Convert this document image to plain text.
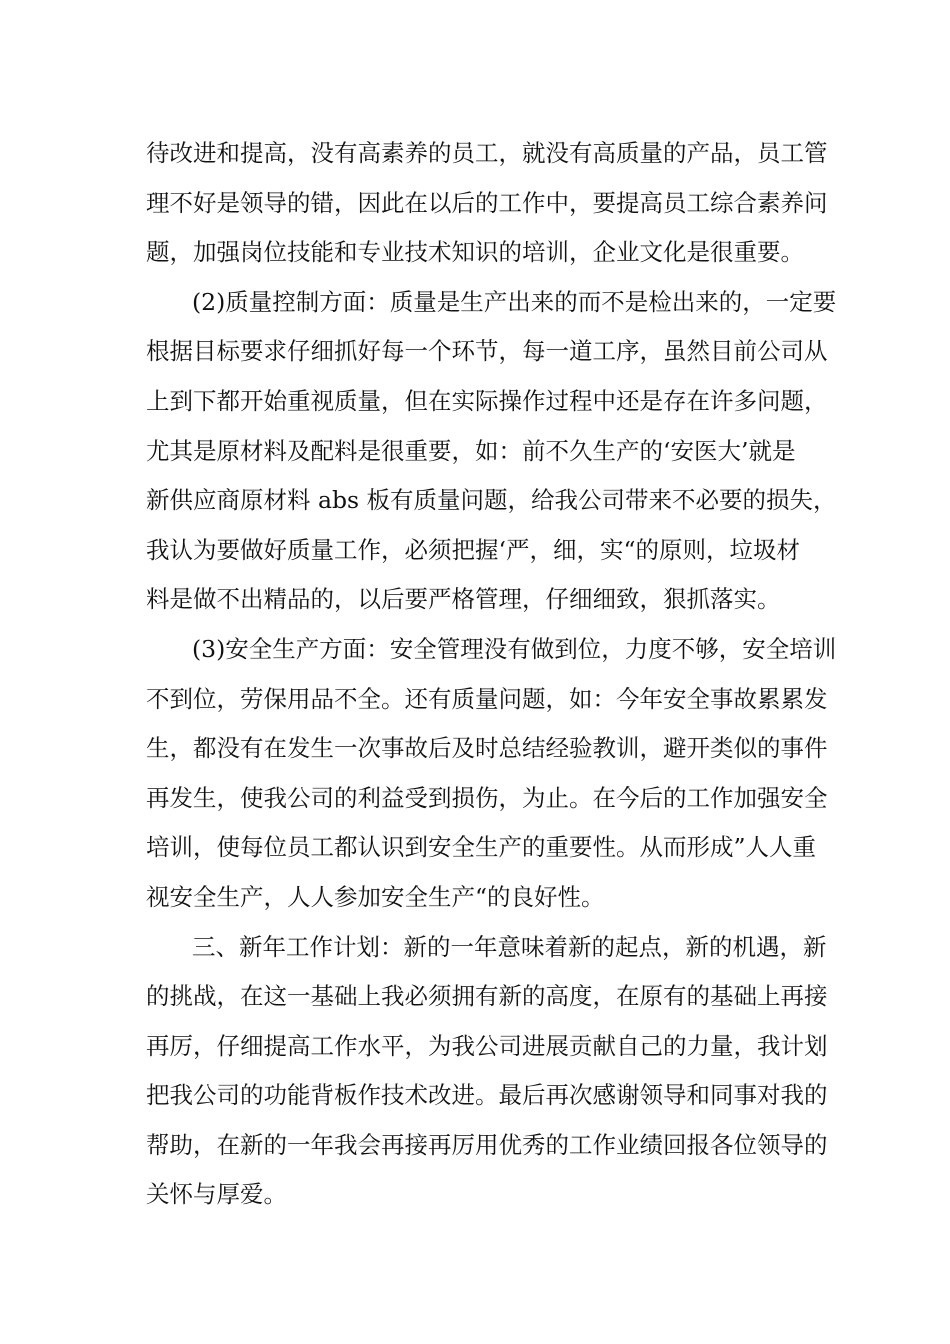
待改进和提高，没有高素养的员工，就没有高质量的产品，员工管
理不好是领导的错，因此在以后的工作中，要提高员工综合素养问
题，加强岗位技能和专业技术知识的培训，企业文化是很重要。
(2)质量控制方面：质量是生产出来的而不是检出来的，一定要
根据目标要求仔细抓好每一个环节，每一道工序，虽然目前公司从
上到下都开始重视质量，但在实际操作过程中还是存在许多问题，
尤其是原材料及配料是很重要，如：前不久生产的‘安医大’就是
新供应商原材料 abs 板有质量问题，给我公司带来不必要的损失，
我认为要做好质量工作，必须把握‘严，细，实“的原则，垃圾材
料是做不出精品的，以后要严格管理，仔细细致，狠抓落实。
(3)安全生产方面：安全管理没有做到位，力度不够，安全培训
不到位，劳保用品不全。还有质量问题，如：今年安全事故累累发
生，都没有在发生一次事故后及时总结经验教训，避开类似的事件
再发生，使我公司的利益受到损伤，为止。在今后的工作加强安全
培训，使每位员工都认识到安全生产的重要性。从而形成”人人重
视安全生产，人人参加安全生产“的良好性。
三、新年工作计划：新的一年意味着新的起点，新的机遇，新
的挑战，在这一基础上我必须拥有新的高度，在原有的基础上再接
再厉，仔细提高工作水平，为我公司进展贡献自己的力量，我计划
把我公司的功能背板作技术改进。最后再次感谢领导和同事对我的
帮助，在新的一年我会再接再厉用优秀的工作业绩回报各位领导的
关怀与厚爱。
